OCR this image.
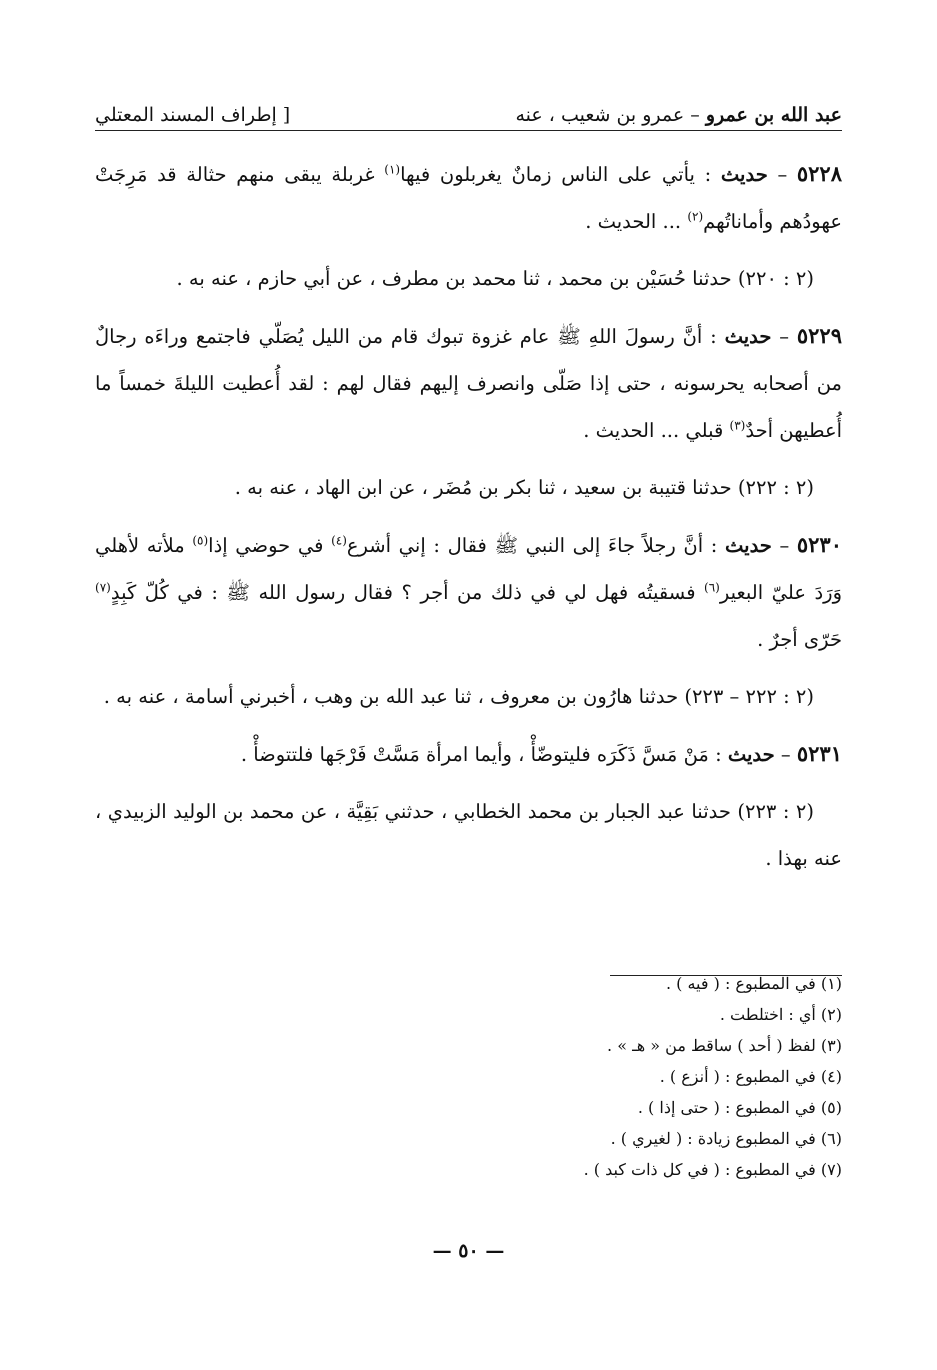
عبد الله بن عمرو – عمرو بن شعيب ، عنه
[ إطراف المسند المعتلي

٥٢٢٨ – حديث : يأتي على الناس زمانٌ يغربلون فيها$^{(١)}$ غربلة يبقى منهم حثالة قد مَرِجَتْ عهودُهم وأماناتُهم$^{(٢)}$ ... الحديث .

(٢ : ٢٢٠) حدثنا حُسَيْن بن محمد ، ثنا محمد بن مطرف ، عن أبي حازم ، عنه به .

٥٢٢٩ – حديث : أنَّ رسولَ اللهِ ﷺ عام غزوة تبوك قام من الليل يُصَلّي فاجتمع وراءَه رجالٌ من أصحابه يحرسونه ، حتى إذا صَلّى وانصرف إليهم فقال لهم : لقد أُعطيت الليلةَ خمساً ما أُعطيهن أحدٌ$^{(٣)}$ قبلي ... الحديث .

(٢ : ٢٢٢) حدثنا قتيبة بن سعيد ، ثنا بكر بن مُضَر ، عن ابن الهاد ، عنه به .

٥٢٣٠ – حديث : أنَّ رجلاً جاءَ إلى النبي ﷺ فقال : إني أشرع$^{(٤)}$ في حوضي إذا$^{(٥)}$ ملأته لأهلي وَرَدَ عليّ البعير$^{(٦)}$ فسقيتُه فهل لي في ذلك من أجر ؟ فقال رسول الله ﷺ : في كُلّ كَبِدٍ$^{(٧)}$ حَرّى أجرٌ .

(٢ : ٢٢٢ – ٢٢٣) حدثنا هارُون بن معروف ، ثنا عبد الله بن وهب ، أخبرني أسامة ، عنه به .

٥٢٣١ – حديث : مَنْ مَسَّ ذَكَرَه فليتوضّأْ ، وأيما امرأة مَسَّتْ فَرْجَها فلتتوضأْ .

(٢ : ٢٢٣) حدثنا عبد الجبار بن محمد الخطابي ، حدثني بَقِيَّة ، عن محمد بن الوليد الزبيدي ، عنه بهذا .

(١) في المطبوع : ( فيه ) .
(٢) أي : اختلطت .
(٣) لفظ ( أحد ) ساقط من « هـ » .
(٤) في المطبوع : ( أنزع ) .
(٥) في المطبوع : ( حتى إذا ) .
(٦) في المطبوع زيادة : ( لغيري ) .
(٧) في المطبوع : ( في كل ذات كبد ) .
— ٥٠ —
